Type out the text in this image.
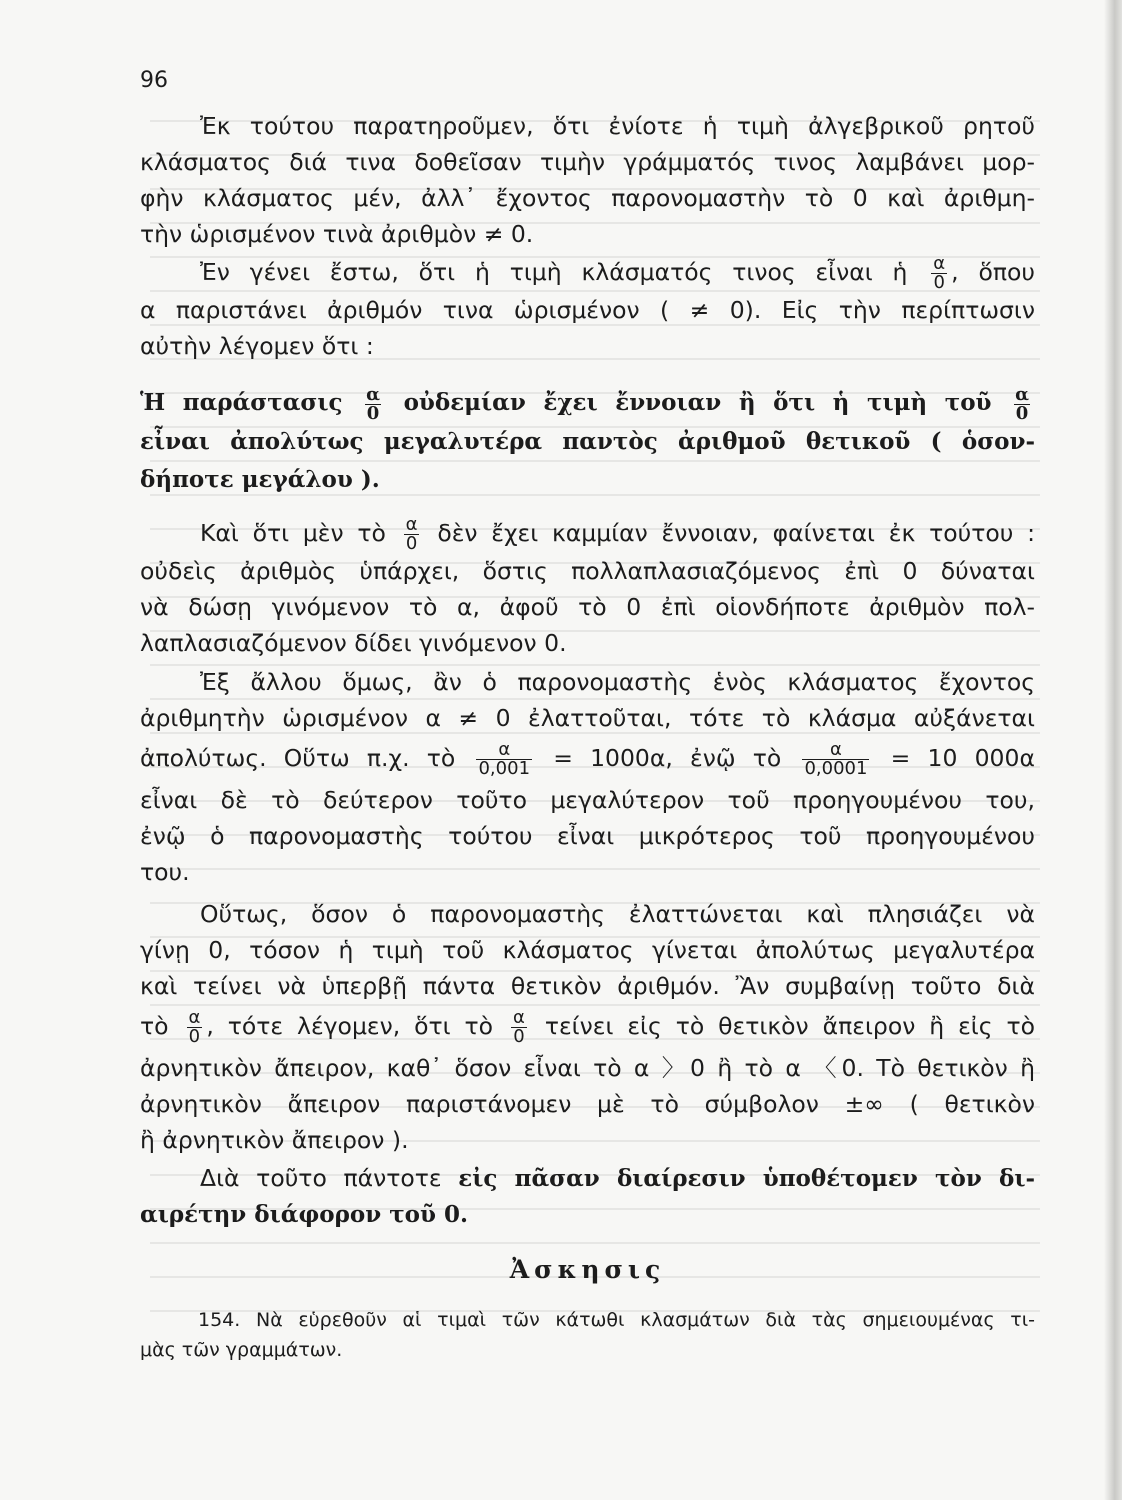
96
Ἐκ τούτου παρατηροῦμεν, ὅτι ἐνίοτε ἡ τιμὴ ἀλγεβρικοῦ ρητοῦ
κλάσματος διά τινα δοθεῖσαν τιμὴν γράμματός τινος λαμβάνει μορ-
φὴν κλάσματος μέν, ἀλλ᾽ ἔχοντος παρονομαστὴν τὸ 0 καὶ ἀριθμη-
τὴν ὡρισμένον τινὰ ἀριθμὸν ≠ 0.
Ἐν γένει ἔστω, ὅτι ἡ τιμὴ κλάσματός τινος εἶναι ἡ $\frac{\alpha}{0}$ , ὅπου
α παριστάνει ἀριθμόν τινα ὡρισμένον ( ≠ 0). Εἰς τὴν περίπτωσιν
αὐτὴν λέγομεν ὅτι :
Ἡ παράστασις $\frac{\alpha}{0}$ οὐδεμίαν ἔχει ἔννοιαν ἢ ὅτι ἡ τιμὴ τοῦ $\frac{\alpha}{0}$
εἶναι ἀπολύτως μεγαλυτέρα παντὸς ἀριθμοῦ θετικοῦ ( ὁσον-
δήποτε μεγάλου ).
Καὶ ὅτι μὲν τὸ $\frac{\alpha}{0}$ δὲν ἔχει καμμίαν ἔννοιαν, φαίνεται ἐκ τούτου :
οὐδεὶς ἀριθμὸς ὑπάρχει, ὅστις πολλαπλασιαζόμενος ἐπὶ 0 δύναται
νὰ δώσῃ γινόμενον τὸ α, ἀφοῦ τὸ 0 ἐπὶ οἱονδήποτε ἀριθμὸν πολ-
λαπλασιαζόμενον δίδει γινόμενον 0.
Ἐξ ἄλλου ὅμως, ἂν ὁ παρονομαστὴς ἑνὸς κλάσματος ἔχοντος
ἀριθμητὴν ὡρισμένον α ≠ 0 ἐλαττοῦται, τότε τὸ κλάσμα αὐξάνεται
ἀπολύτως. Οὕτω π.χ. τὸ $\frac{\alpha}{0,001} = 1000\alpha$, ἐνῷ τὸ $\frac{\alpha}{0,0001} = 10$ 000α
εἶναι δὲ τὸ δεύτερον τοῦτο μεγαλύτερον τοῦ προηγουμένου του,
ἐνῷ ὁ παρονομαστὴς τούτου εἶναι μικρότερος τοῦ προηγουμένου
του.
Οὕτως, ὅσον ὁ παρονομαστὴς ἐλαττώνεται καὶ πλησιάζει νὰ
γίνῃ 0, τόσον ἡ τιμὴ τοῦ κλάσματος γίνεται ἀπολύτως μεγαλυτέρα
καὶ τείνει νὰ ὑπερβῇ πάντα θετικὸν ἀριθμόν. Ἂν συμβαίνῃ τοῦτο διὰ
τὸ $\frac{\alpha}{0}$ , τότε λέγομεν, ὅτι τὸ $\frac{\alpha}{0}$ τείνει εἰς τὸ θετικὸν ἄπειρον ἢ εἰς τὸ
ἀρνητικὸν ἄπειρον, καθ᾽ ὅσον εἶναι τὸ α 〉0 ἢ τὸ α 〈0. Τὸ θετικὸν ἢ
ἀρνητικὸν ἄπειρον παριστάνομεν μὲ τὸ σύμβολον ±∞ ( θετικὸν
ἢ ἀρνητικὸν ἄπειρον ).
Διὰ τοῦτο πάντοτε εἰς πᾶσαν διαίρεσιν ὑποθέτομεν τὸν δι-
αιρέτην διάφορον τοῦ 0.
Ἀσκησις
154. Νὰ εὑρεθοῦν αἱ τιμαὶ τῶν κάτωθι κλασμάτων διὰ τὰς σημειουμένας τι-
μὰς τῶν γραμμάτων.
